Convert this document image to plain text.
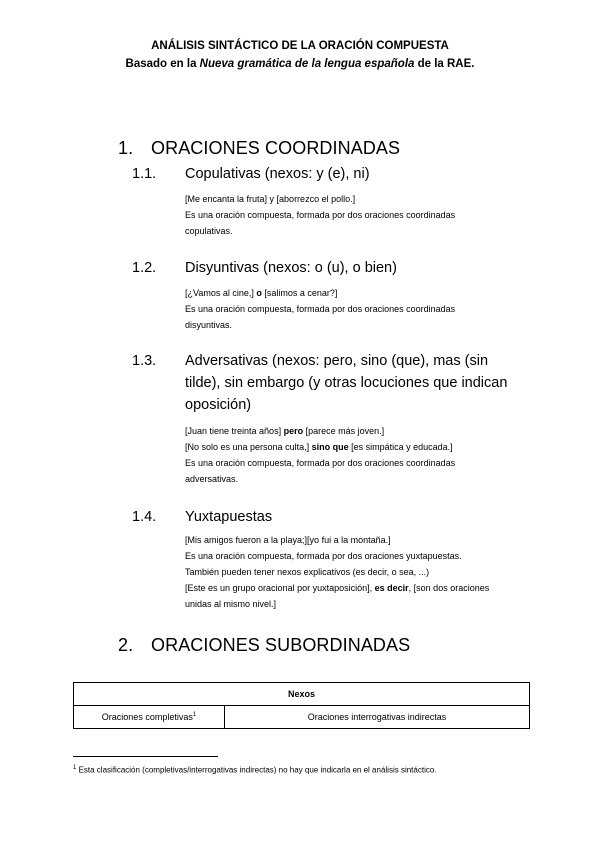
ANÁLISIS SINTÁCTICO DE LA ORACIÓN COMPUESTA
Basado en la Nueva gramática de la lengua española de la RAE.
1. ORACIONES COORDINADAS
1.1. Copulativas (nexos: y (e), ni)

[Me encanta la fruta] y [aborrezco el pollo.]

Es una oración compuesta, formada por dos oraciones coordinadas

copulativas.

1.2. Disyuntivas (nexos: o (u), o bien)

[¿Vamos al cine,] o [salimos a cenar?]

Es una oración compuesta, formada por dos oraciones coordinadas

disyuntivas.

1.3. Adversativas (nexos: pero, sino (que), mas (sin
tilde), sin embargo (y otras locuciones que indican
oposición)

[Juan tiene treinta años] pero [parece más joven.]

[No solo es una persona culta,] sino que [es simpática y educada.]

Es una oración compuesta, formada por dos oraciones coordinadas

adversativas.

1.4. Yuxtapuestas

[Mis amigos fueron a la playa;][yo fui a la montaña.]

Es una oración compuesta, formada por dos oraciones yuxtapuestas.

También pueden tener nexos explicativos (es decir, o sea, ...)

[Este es un grupo oracional por yuxtaposición], es decir, [son dos oraciones

unidas al mismo nivel.]

2. ORACIONES SUBORDINADAS
Nexos
Oraciones completivas$^1$	Oraciones interrogativas indirectas
$^1$ Esta clasificación (completivas/interrogativas indirectas) no hay que indicarla en el análisis sintáctico.
